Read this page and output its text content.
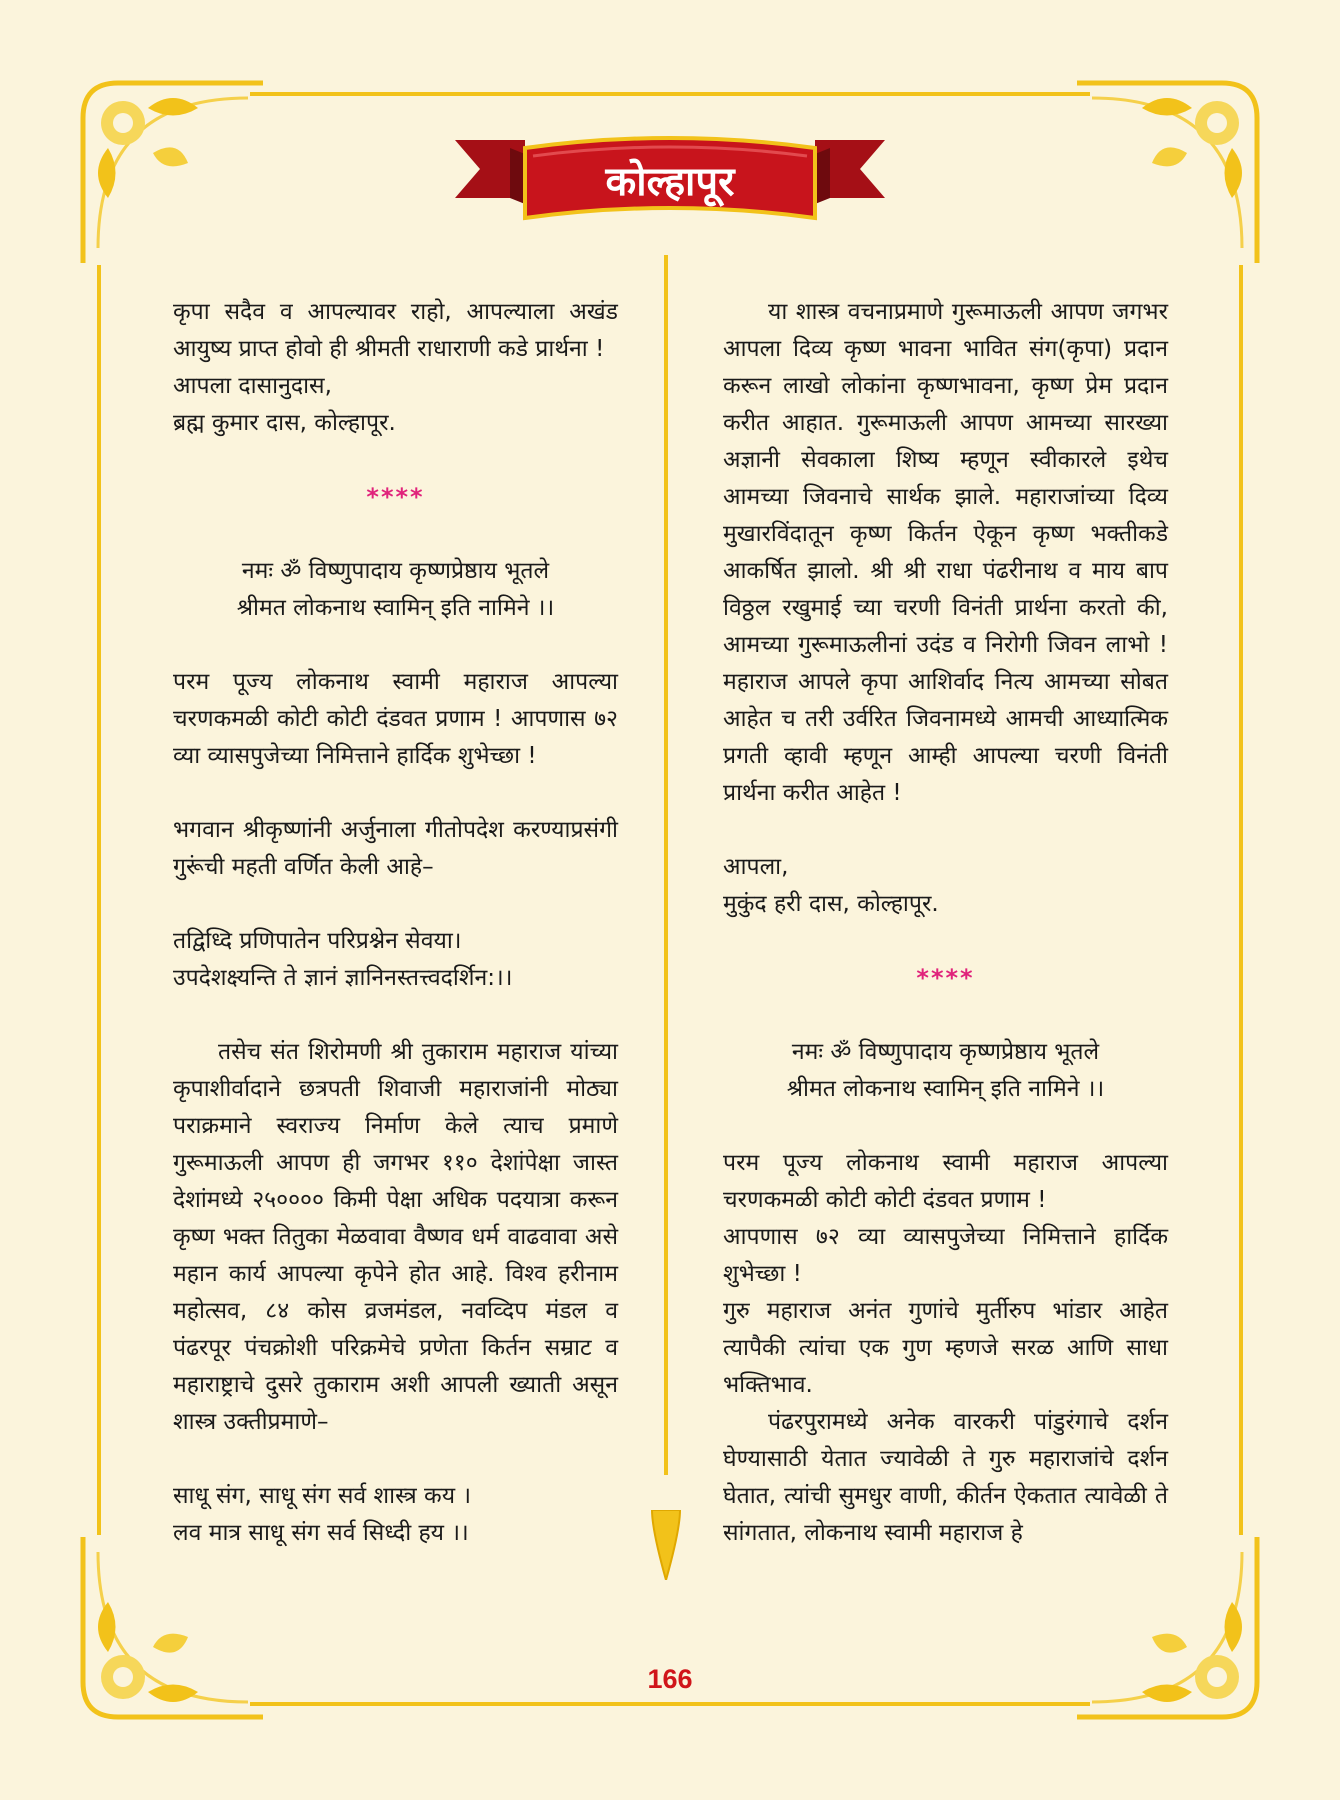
कोल्हापूर

कृपा सदैव व आपल्यावर राहो, आपल्याला अखंड आयुष्य प्राप्त होवो ही श्रीमती राधाराणी कडे प्रार्थना !

आपला दासानुदास,

ब्रह्म कुमार दास, कोल्हापूर.

****

नमः ॐ विष्णुपादाय कृष्णप्रेष्ठाय भूतले

श्रीमत लोकनाथ स्वामिन् इति नामिने ।।

परम पूज्य लोकनाथ स्वामी महाराज आपल्या चरणकमळी कोटी कोटी दंडवत प्रणाम ! आपणास ७२ व्या व्यासपुजेच्या निमित्ताने हार्दिक शुभेच्छा !

भगवान श्रीकृष्णांनी अर्जुनाला गीतोपदेश करण्याप्रसंगी गुरूंची महती वर्णित केली आहे–

तद्विध्दि प्रणिपातेन परिप्रश्नेन सेवया।

उपदेशक्ष्यन्ति ते ज्ञानं ज्ञानिनस्तत्त्वदर्शिन:।।

तसेच संत शिरोमणी श्री तुकाराम महाराज यांच्या कृपाशीर्वादाने छत्रपती शिवाजी महाराजांनी मोठ्या पराक्रमाने स्वराज्य निर्माण केले त्याच प्रमाणे गुरूमाऊली आपण ही जगभर ११० देशांपेक्षा जास्त देशांमध्ये २५०००० किमी पेक्षा अधिक पदयात्रा करून कृष्ण भक्त तितुका मेळवावा वैष्णव धर्म वाढवावा असे महान कार्य आपल्या कृपेने होत आहे. विश्व हरीनाम महोत्सव, ८४ कोस व्रजमंडल, नवव्दिप मंडल व पंढरपूर पंचक्रोशी परिक्रमेचे प्रणेता किर्तन सम्राट व महाराष्ट्राचे दुसरे तुकाराम अशी आपली ख्याती असून शास्त्र उक्तीप्रमाणे–

साधू संग, साधू संग सर्व शास्त्र कय ।

लव मात्र साधू संग सर्व सिध्दी हय ।।

या शास्त्र वचनाप्रमाणे गुरूमाऊली आपण जगभर आपला दिव्य कृष्ण भावना भावित संग(कृपा) प्रदान करून लाखो लोकांना कृष्णभावना, कृष्ण प्रेम प्रदान करीत आहात. गुरूमाऊली आपण आमच्या सारख्या अज्ञानी सेवकाला शिष्य म्हणून स्वीकारले इथेच आमच्या जिवनाचे सार्थक झाले. महाराजांच्या दिव्य मुखारविंदातून कृष्ण किर्तन ऐकून कृष्ण भक्तीकडे आकर्षित झालो. श्री श्री राधा पंढरीनाथ व माय बाप विठ्ठल रखुमाई च्या चरणी विनंती प्रार्थना करतो की, आमच्या गुरूमाऊलीनां उदंड व निरोगी जिवन लाभो ! महाराज आपले कृपा आशिर्वाद नित्य आमच्या सोबत आहेत च तरी उर्वरित जिवनामध्ये आमची आध्यात्मिक प्रगती व्हावी म्हणून आम्ही आपल्या चरणी विनंती प्रार्थना करीत आहेत !

आपला,

मुकुंद हरी दास, कोल्हापूर.

****

नमः ॐ विष्णुपादाय कृष्णप्रेष्ठाय भूतले

श्रीमत लोकनाथ स्वामिन् इति नामिने ।।

परम पूज्य लोकनाथ स्वामी महाराज आपल्या चरणकमळी कोटी कोटी दंडवत प्रणाम !

आपणास ७२ व्या व्यासपुजेच्या निमित्ताने हार्दिक शुभेच्छा !

गुरु महाराज अनंत गुणांचे मुर्तीरुप भांडार आहेत त्यापैकी त्यांचा एक गुण म्हणजे सरळ आणि साधा भक्तिभाव.

पंढरपुरामध्ये अनेक वारकरी पांडुरंगाचे दर्शन घेण्यासाठी येतात ज्यावेळी ते गुरु महाराजांचे दर्शन घेतात, त्यांची सुमधुर वाणी, कीर्तन ऐकतात त्यावेळी ते सांगतात, लोकनाथ स्वामी महाराज हे

166
